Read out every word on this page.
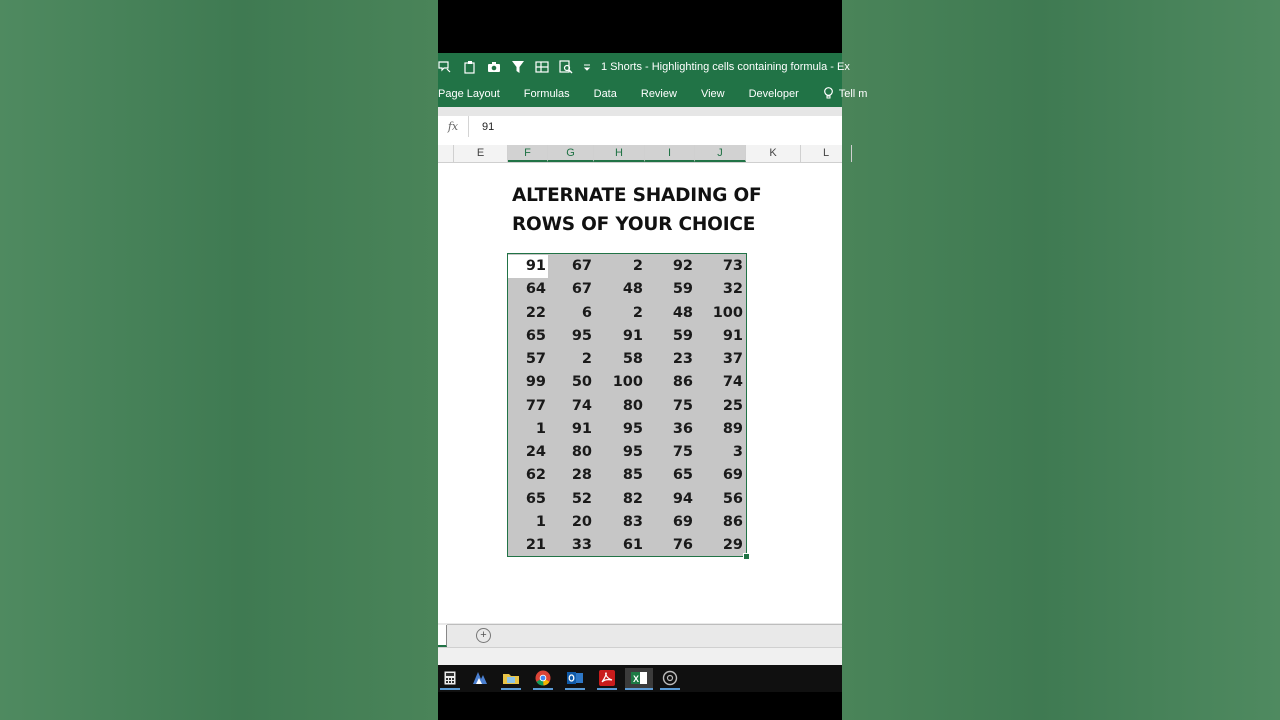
1 Shorts - Highlighting cells containing formula - Ex
Page Layout Formulas Data Review View Developer	Tell m
fx	91
E	F	G	H	I	J	K	L
ALTERNATE SHADING OF
ROWS OF YOUR CHOICE
91	67	2	92	73
64	67	48	59	32
22	6	2	48	100
65	95	91	59	91
57	2	58	23	37
99	50	100	86	74
77	74	80	75	25
1	91	95	36	89
24	80	95	75	3
62	28	85	65	69
65	52	82	94	56
1	20	83	69	86
21	33	61	76	29
+
X
